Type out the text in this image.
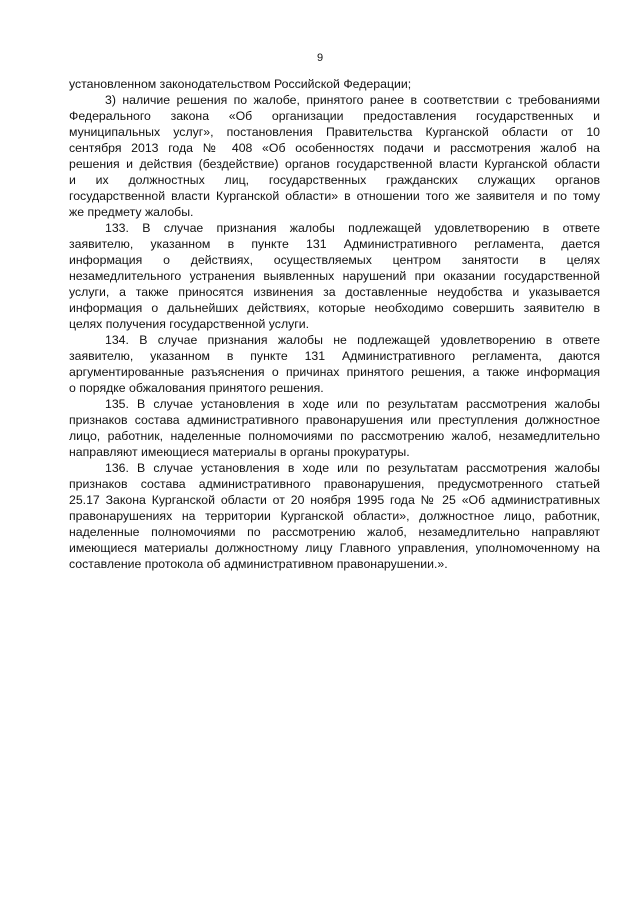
9
установленном законодательством Российской Федерации;
3) наличие решения по жалобе, принятого ранее в соответствии с требованиями
Федерального закона «Об организации предоставления государственных и
муниципальных услуг», постановления Правительства Курганской области от 10
сентября 2013 года № 408 «Об особенностях подачи и рассмотрения жалоб на
решения и действия (бездействие) органов государственной власти Курганской области
и их должностных лиц, государственных гражданских служащих органов
государственной власти Курганской области» в отношении того же заявителя и по тому
же предмету жалобы.
133. В случае признания жалобы подлежащей удовлетворению в ответе
заявителю, указанном в пункте 131 Административного регламента, дается
информация о действиях, осуществляемых центром занятости в целях
незамедлительного устранения выявленных нарушений при оказании государственной
услуги, а также приносятся извинения за доставленные неудобства и указывается
информация о дальнейших действиях, которые необходимо совершить заявителю в
целях получения государственной услуги.
134. В случае признания жалобы не подлежащей удовлетворению в ответе
заявителю, указанном в пункте 131 Административного регламента, даются
аргументированные разъяснения о причинах принятого решения, а также информация
о порядке обжалования принятого решения.
135. В случае установления в ходе или по результатам рассмотрения жалобы
признаков состава административного правонарушения или преступления должностное
лицо, работник, наделенные полномочиями по рассмотрению жалоб, незамедлительно
направляют имеющиеся материалы в органы прокуратуры.
136. В случае установления в ходе или по результатам рассмотрения жалобы
признаков состава административного правонарушения, предусмотренного статьей
25.17 Закона Курганской области от 20 ноября 1995 года № 25 «Об административных
правонарушениях на территории Курганской области», должностное лицо, работник,
наделенные полномочиями по рассмотрению жалоб, незамедлительно направляют
имеющиеся материалы должностному лицу Главного управления, уполномоченному на
составление протокола об административном правонарушении.».
